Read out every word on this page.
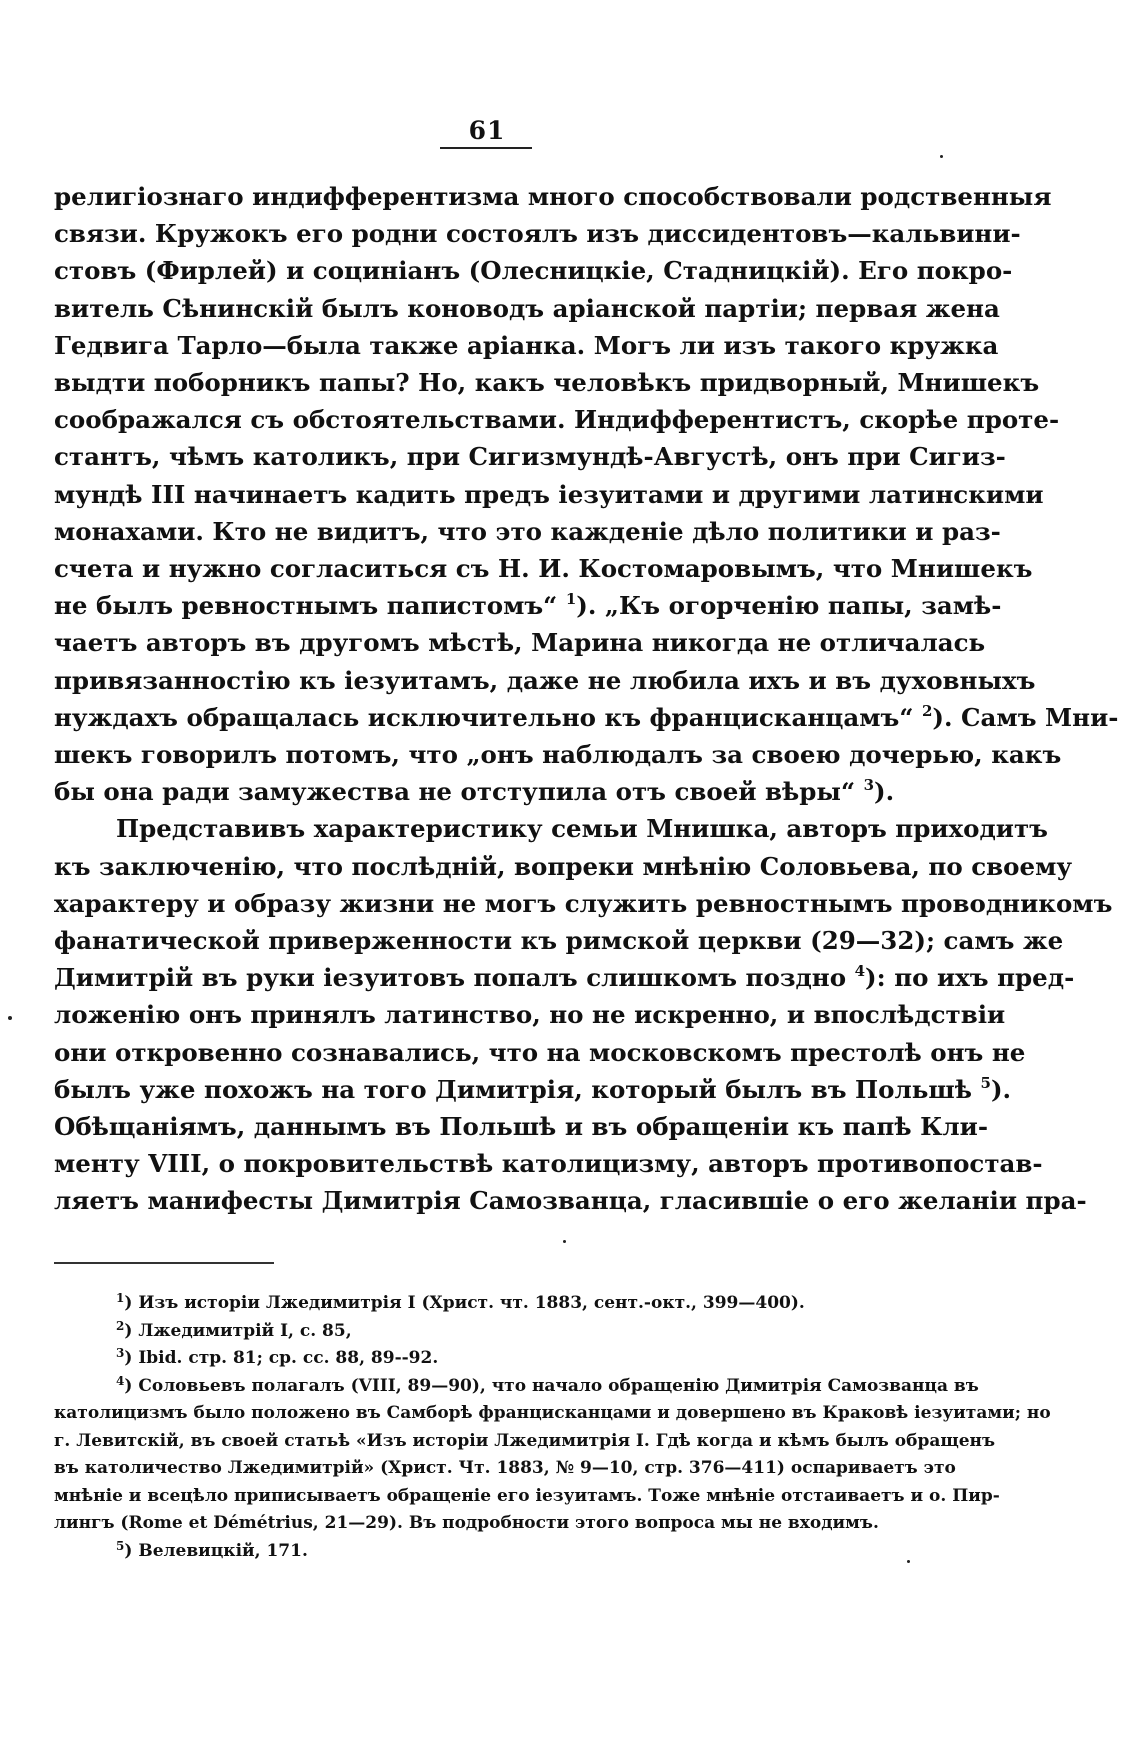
61
религіознаго индифферентизма много способствовали родственныя
связи. Кружокъ его родни состоялъ изъ диссидентовъ—кальвини-
стовъ (Фирлей) и социніанъ (Олесницкіе, Стадницкій). Его покро-
витель Сѣнинскій былъ коноводъ аріанской партіи; первая жена
Гедвига Тарло—была также аріанка. Могъ ли изъ такого кружка
выдти поборникъ папы? Но, какъ человѣкъ придворный, Мнишекъ
соображался съ обстоятельствами. Индифферентистъ, скорѣе проте-
стантъ, чѣмъ католикъ, при Сигизмундѣ-Августѣ, онъ при Сигиз-
мундѣ III начинаетъ кадить предъ іезуитами и другими латинскими
монахами. Кто не видитъ, что это кажденіе дѣло политики и раз-
счета и нужно согласиться съ Н. И. Костомаровымъ, что Мнишекъ
не былъ ревностнымъ папистомъ“ $^1$). „Къ огорченію папы, замѣ-
чаетъ авторъ въ другомъ мѣстѣ, Марина никогда не отличалась
привязанностію къ іезуитамъ, даже не любила ихъ и въ духовныхъ
нуждахъ обращалась исключительно къ францисканцамъ“ $^2$). Самъ Мни-
шекъ говорилъ потомъ, что „онъ наблюдалъ за своею дочерью, какъ
бы она ради замужества не отступила отъ своей вѣры“ $^3$).
Представивъ характеристику семьи Мнишка, авторъ приходитъ
къ заключенію, что послѣдній, вопреки мнѣнію Соловьева, по своему
характеру и образу жизни не могъ служить ревностнымъ проводникомъ
фанатической приверженности къ римской церкви (29—32); самъ же
Димитрій въ руки іезуитовъ попалъ слишкомъ поздно $^4$): по ихъ пред-
ложенію онъ принялъ латинство, но не искренно, и впослѣдствіи
они откровенно сознавались, что на московскомъ престолѣ онъ не
былъ уже похожъ на того Димитрія, который былъ въ Польшѣ $^5$).
Обѣщаніямъ, даннымъ въ Польшѣ и въ обращеніи къ папѣ Кли-
менту VIII, о покровительствѣ католицизму, авторъ противопостав-
ляетъ манифесты Димитрія Самозванца, гласившіе о его желаніи пра-
$^1$) Изъ исторіи Лжедимитрія I (Христ. чт. 1883, сент.-окт., 399—400).
$^2$) Лжедимитрій I, с. 85,
$^3$) Ibid. стр. 81; ср. сс. 88, 89--92.
$^4$) Соловьевъ полагалъ (VIII, 89—90), что начало обращенію Димитрія Самозванца въ
католицизмъ было положено въ Самборѣ францисканцами и довершено въ Краковѣ іезуитами; но
г. Левитскій, въ своей статьѣ «Изъ исторіи Лжедимитрія I. Гдѣ когда и кѣмъ былъ обращенъ
въ католичество Лжедимитрій» (Христ. Чт. 1883, № 9—10, стр. 376—411) оспариваетъ это
мнѣніе и всецѣло приписываетъ обращеніе его іезуитамъ. Тоже мнѣніе отстаиваетъ и о. Пир-
лингъ (Rome et Démétrius, 21—29). Въ подробности этого вопроса мы не входимъ.
$^5$) Велевицкій, 171.
